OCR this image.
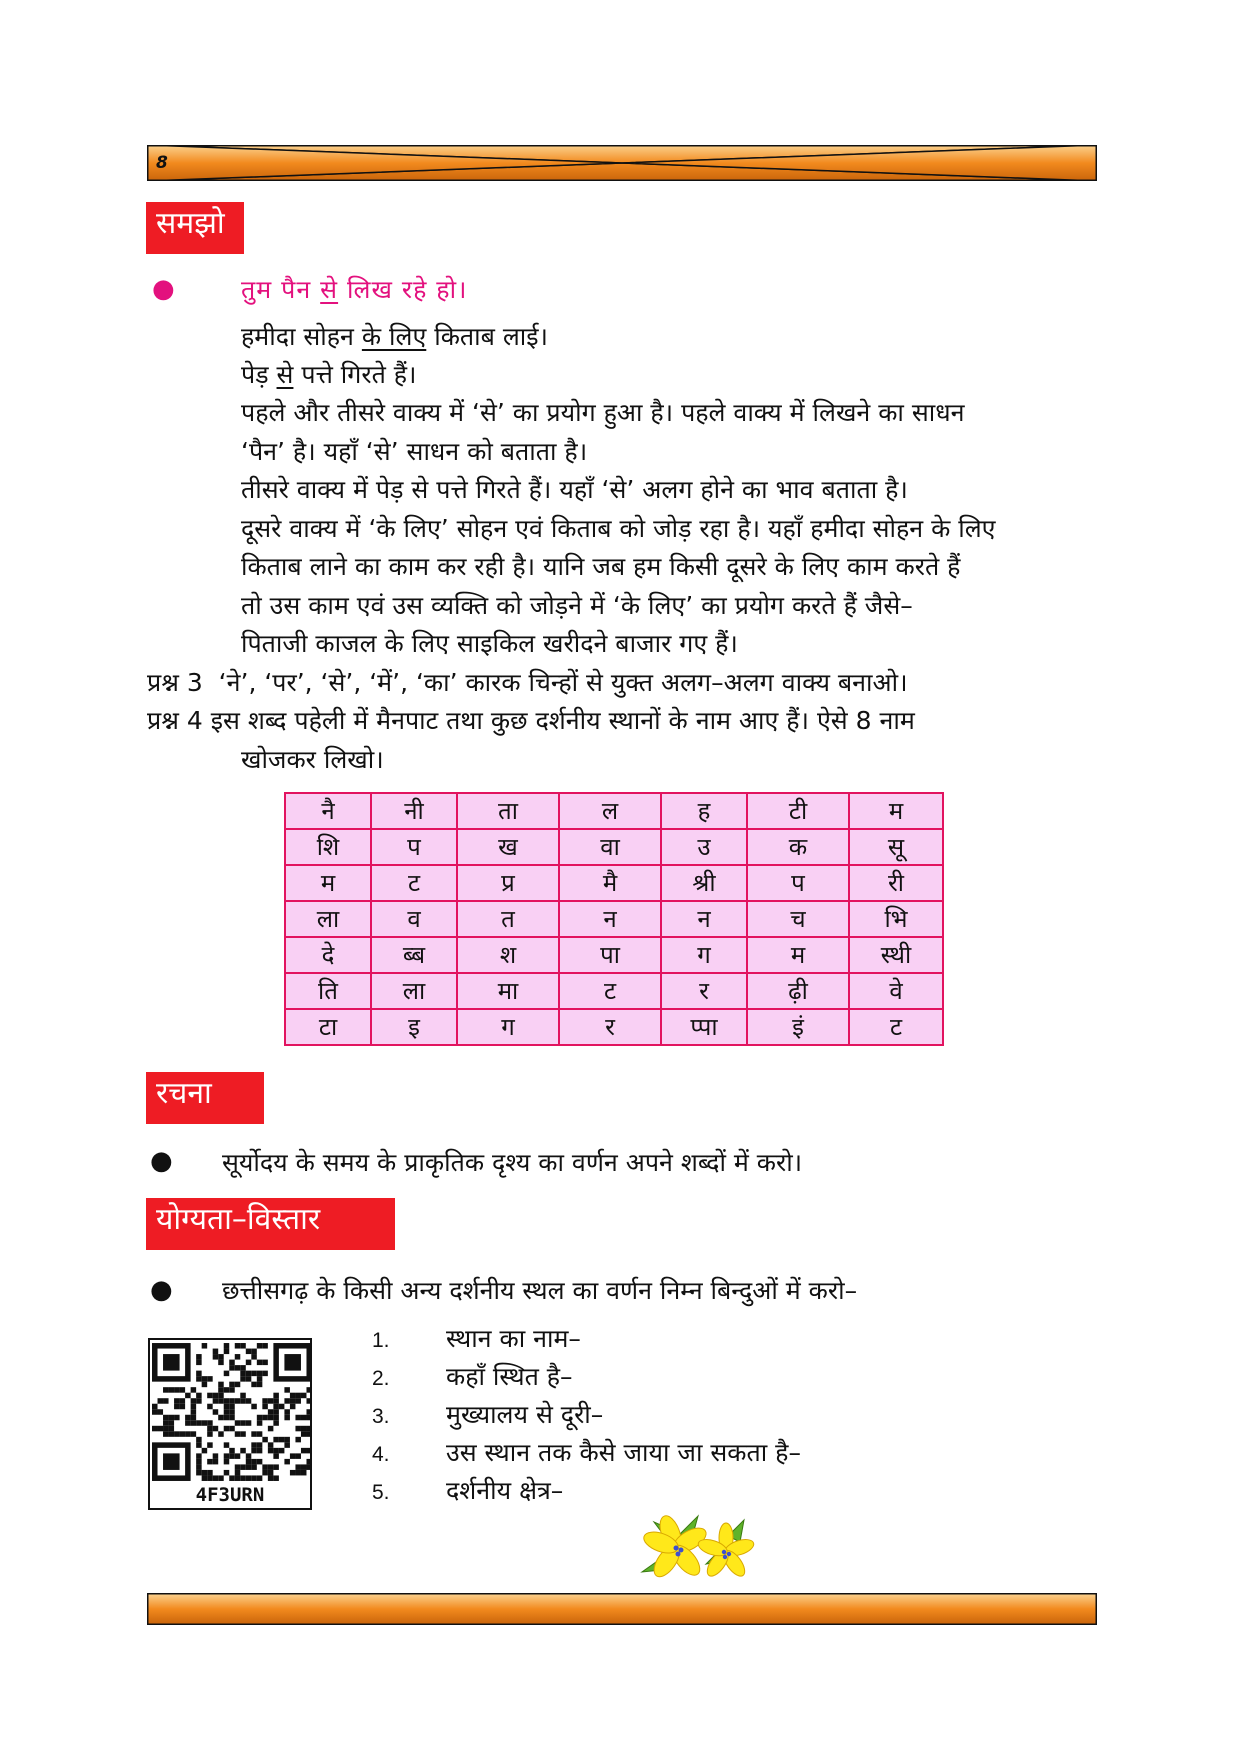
8
समझो
●	तुम पैन से लिख रहे हो।
हमीदा सोहन के लिए किताब लाई।
पेड़ से पत्ते गिरते हैं।
पहले और तीसरे वाक्य में ‘से’ का प्रयोग हुआ है। पहले वाक्य में लिखने का साधन
‘पैन’ है। यहाँ ‘से’ साधन को बताता है।
तीसरे वाक्य में पेड़ से पत्ते गिरते हैं। यहाँ ‘से’ अलग होने का भाव बताता है।
दूसरे वाक्य में ‘के लिए’ सोहन एवं किताब को जोड़ रहा है। यहाँ हमीदा सोहन के लिए
किताब लाने का काम कर रही है। यानि जब हम किसी दूसरे के लिए काम करते हैं
तो उस काम एवं उस व्यक्ति को जोड़ने में ‘के लिए’ का प्रयोग करते हैं जैसे–
पिताजी काजल के लिए साइकिल खरीदने बाजार गए हैं।
प्रश्न 3 ‘ने’, ‘पर’, ‘से’, ‘में’, ‘का’ कारक चिन्हों से युक्त अलग–अलग वाक्य बनाओ।
प्रश्न 4 इस शब्द पहेली में मैनपाट तथा कुछ दर्शनीय स्थानों के नाम आए हैं। ऐसे 8 नाम
खोजकर लिखो।
नै	नी	ता	ल	ह	टी	म
शि	प	ख	वा	उ	क	सू
म	ट	प्र	मै	श्री	प	री
ला	व	त	न	न	च	भि
दे	ब्ब	श	पा	ग	म	स्थी
ति	ला	मा	ट	र	ढ़ी	वे
टा	इ	ग	र	प्पा	इं	ट
रचना
● सूर्योदय के समय के प्राकृतिक दृश्य का वर्णन अपने शब्दों में करो।
योग्यता–विस्तार
● छत्तीसगढ़ के किसी अन्य दर्शनीय स्थल का वर्णन निम्न बिन्दुओं में करो–
1. स्थान का नाम–
2. कहाँ स्थित है–
3. मुख्यालय से दूरी–
4. उस स्थान तक कैसे जाया जा सकता है–
5. दर्शनीय क्षेत्र–
4F3URN
